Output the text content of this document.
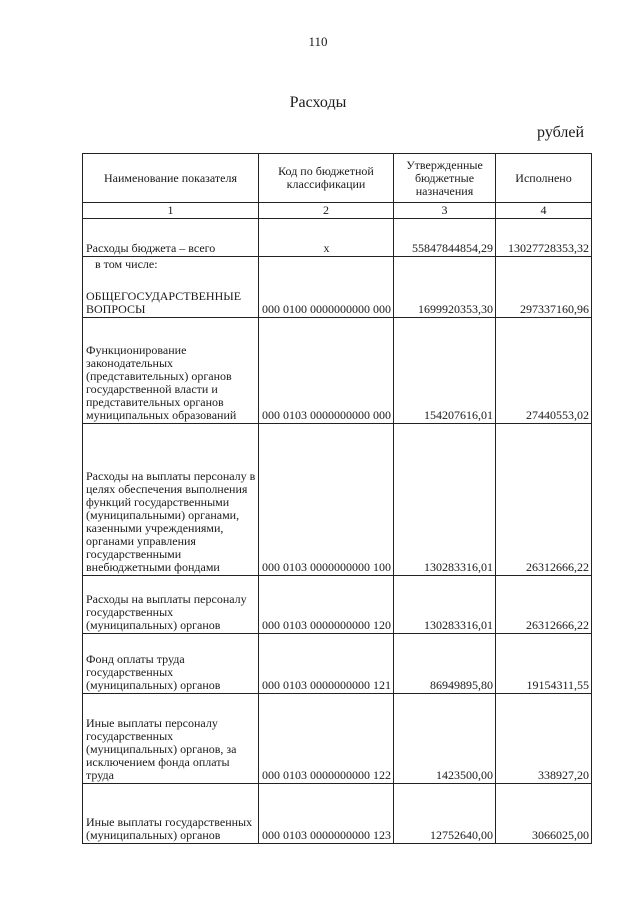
110
Расходы
рублей
Наименование показателя	Код по бюджетной классификации	Утвержденные бюджетные назначения	Исполнено
1	2	3	4
Расходы бюджета – всего	x	55847844854,29	13027728353,32
в том числе:			
ОБЩЕГОСУДАРСТВЕННЫЕ ВОПРОСЫ	000 0100 0000000000 000	1699920353,30	297337160,96
Функционирование законодательных (представительных) органов государственной власти и представительных органов муниципальных образований	000 0103 0000000000 000	154207616,01	27440553,02
Расходы на выплаты персоналу в целях обеспечения выполнения функций государственными (муниципальными) органами, казенными учреждениями, органами управления государственными внебюджетными фондами	000 0103 0000000000 100	130283316,01	26312666,22
Расходы на выплаты персоналу государственных (муниципальных) органов	000 0103 0000000000 120	130283316,01	26312666,22
Фонд оплаты труда государственных (муниципальных) органов	000 0103 0000000000 121	86949895,80	19154311,55
Иные выплаты персоналу государственных (муниципальных) органов, за исключением фонда оплаты труда	000 0103 0000000000 122	1423500,00	338927,20
Иные выплаты государственных (муниципальных) органов	000 0103 0000000000 123	12752640,00	3066025,00
